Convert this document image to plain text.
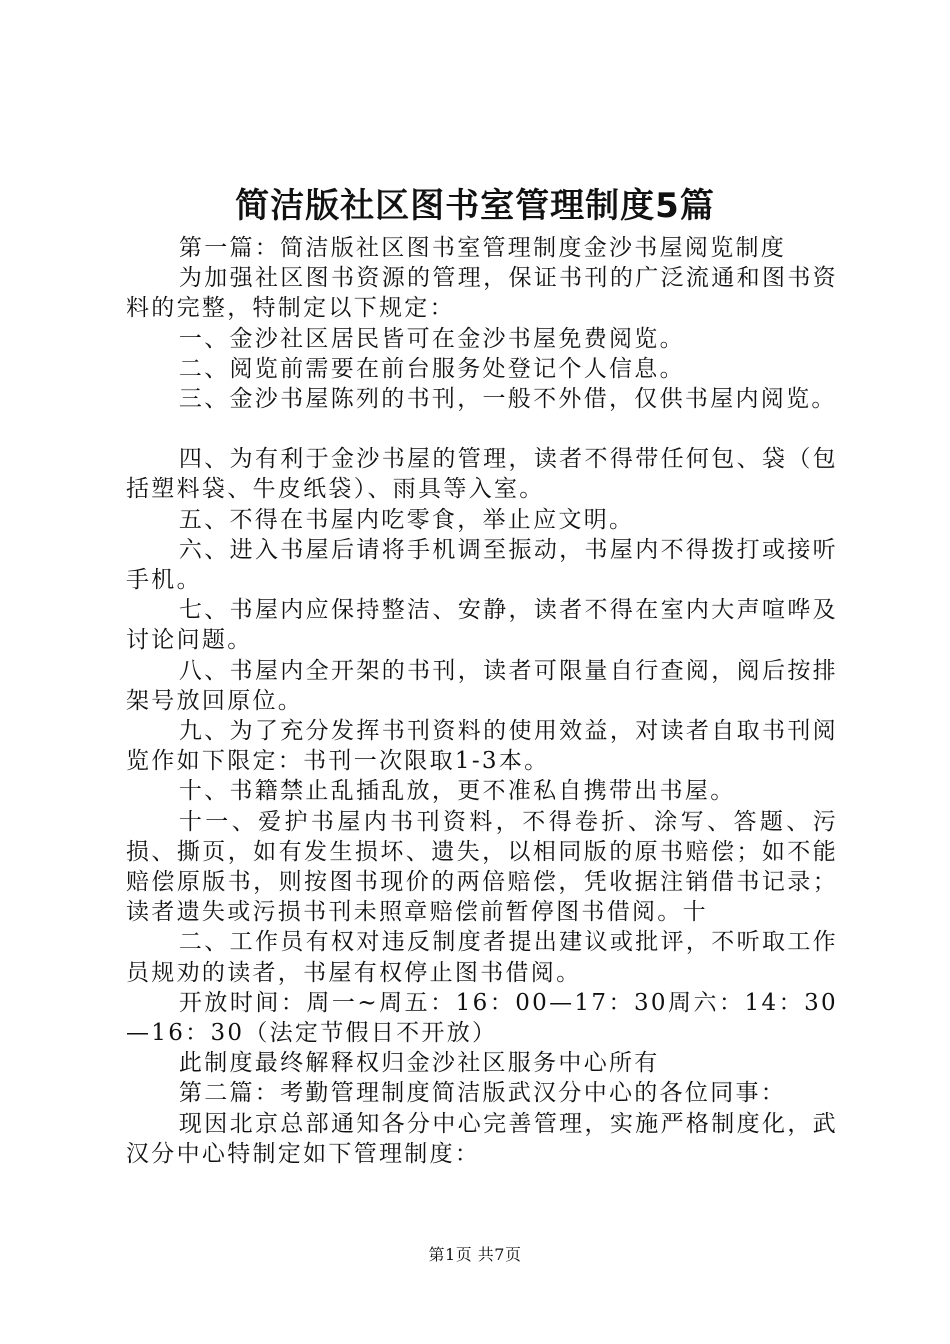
简洁版社区图书室管理制度5篇

第一篇：简洁版社区图书室管理制度金沙书屋阅览制度

为加强社区图书资源的管理，保证书刊的广泛流通和图书资料的完整，特制定以下规定：

一、金沙社区居民皆可在金沙书屋免费阅览。

二、阅览前需要在前台服务处登记个人信息。

三、金沙书屋陈列的书刊，一般不外借，仅供书屋内阅览。

四、为有利于金沙书屋的管理，读者不得带任何包、袋（包括塑料袋、牛皮纸袋）、雨具等入室。

五、不得在书屋内吃零食，举止应文明。

六、进入书屋后请将手机调至振动，书屋内不得拨打或接听手机。

七、书屋内应保持整洁、安静，读者不得在室内大声喧哗及讨论问题。

八、书屋内全开架的书刊，读者可限量自行查阅，阅后按排架号放回原位。

九、为了充分发挥书刊资料的使用效益，对读者自取书刊阅览作如下限定：书刊一次限取1-3本。

十、书籍禁止乱插乱放，更不准私自携带出书屋。

十一、爱护书屋内书刊资料，不得卷折、涂写、答题、污损、撕页，如有发生损坏、遗失，以相同版的原书赔偿；如不能赔偿原版书，则按图书现价的两倍赔偿，凭收据注销借书记录；读者遗失或污损书刊未照章赔偿前暂停图书借阅。十

二、工作员有权对违反制度者提出建议或批评，不听取工作员规劝的读者，书屋有权停止图书借阅。

开放时间：周一~周五：16：00—17：30周六：14：30—16：30（法定节假日不开放）

此制度最终解释权归金沙社区服务中心所有

第二篇：考勤管理制度简洁版武汉分中心的各位同事：

现因北京总部通知各分中心完善管理，实施严格制度化，武汉分中心特制定如下管理制度：

第1页 共7页
